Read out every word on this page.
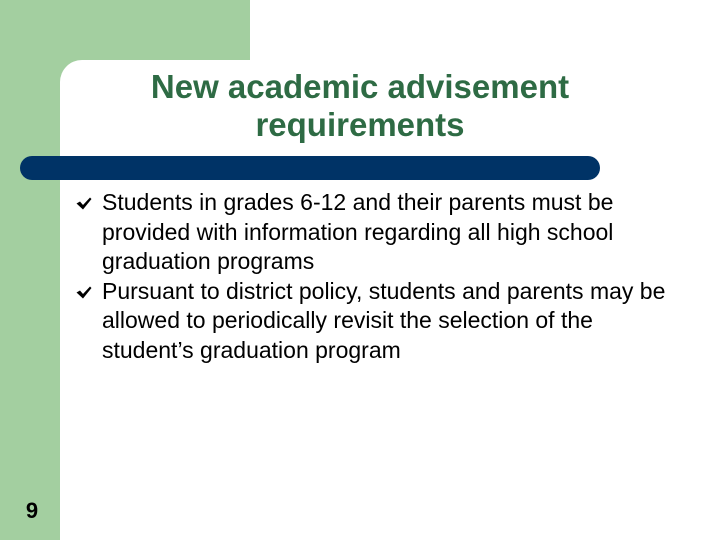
New academic advisement requirements
Students in grades 6-12 and their parents must be provided with information regarding all high school graduation programs
Pursuant to district policy, students and parents may be allowed to periodically revisit the selection of the student’s graduation program
9
